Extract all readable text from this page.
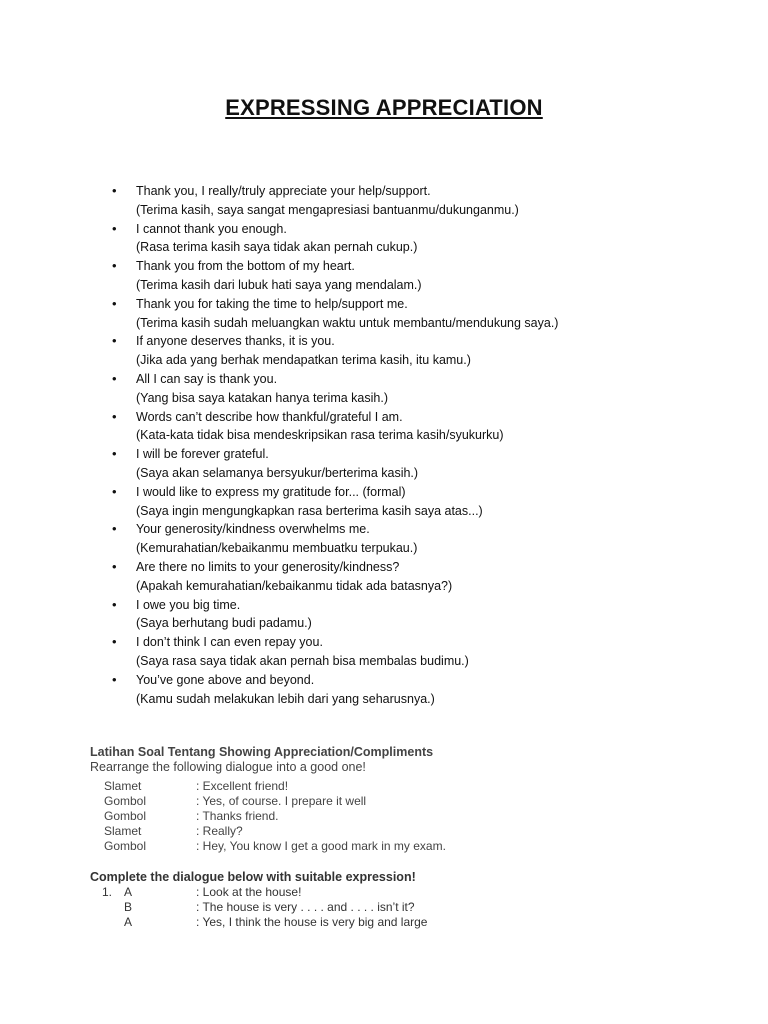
EXPRESSING APPRECIATION
• Thank you, I really/truly appreciate your help/support.
(Terima kasih, saya sangat mengapresiasi bantuanmu/dukunganmu.)
• I cannot thank you enough.
(Rasa terima kasih saya tidak akan pernah cukup.)
• Thank you from the bottom of my heart.
(Terima kasih dari lubuk hati saya yang mendalam.)
• Thank you for taking the time to help/support me.
(Terima kasih sudah meluangkan waktu untuk membantu/mendukung saya.)
• If anyone deserves thanks, it is you.
(Jika ada yang berhak mendapatkan terima kasih, itu kamu.)
• All I can say is thank you.
(Yang bisa saya katakan hanya terima kasih.)
• Words can’t describe how thankful/grateful I am.
(Kata-kata tidak bisa mendeskripsikan rasa terima kasih/syukurku)
• I will be forever grateful.
(Saya akan selamanya bersyukur/berterima kasih.)
• I would like to express my gratitude for... (formal)
(Saya ingin mengungkapkan rasa berterima kasih saya atas...)
• Your generosity/kindness overwhelms me.
(Kemurahatian/kebaikanmu membuatku terpukau.)
• Are there no limits to your generosity/kindness?
(Apakah kemurahatian/kebaikanmu tidak ada batasnya?)
• I owe you big time.
(Saya berhutang budi padamu.)
• I don’t think I can even repay you.
(Saya rasa saya tidak akan pernah bisa membalas budimu.)
• You’ve gone above and beyond.
(Kamu sudah melakukan lebih dari yang seharusnya.)
Latihan Soal Tentang Showing Appreciation/Compliments
Rearrange the following dialogue into a good one!
Slamet	: Excellent friend!
Gombol	: Yes, of course. I prepare it well
Gombol	: Thanks friend.
Slamet	: Really?
Gombol	: Hey, You know I get a good mark in my exam.
Complete the dialogue below with suitable expression!
1. A	: Look at the house!
B	: The house is very . . . . and . . . . isn’t it?
A	: Yes, I think the house is very big and large
